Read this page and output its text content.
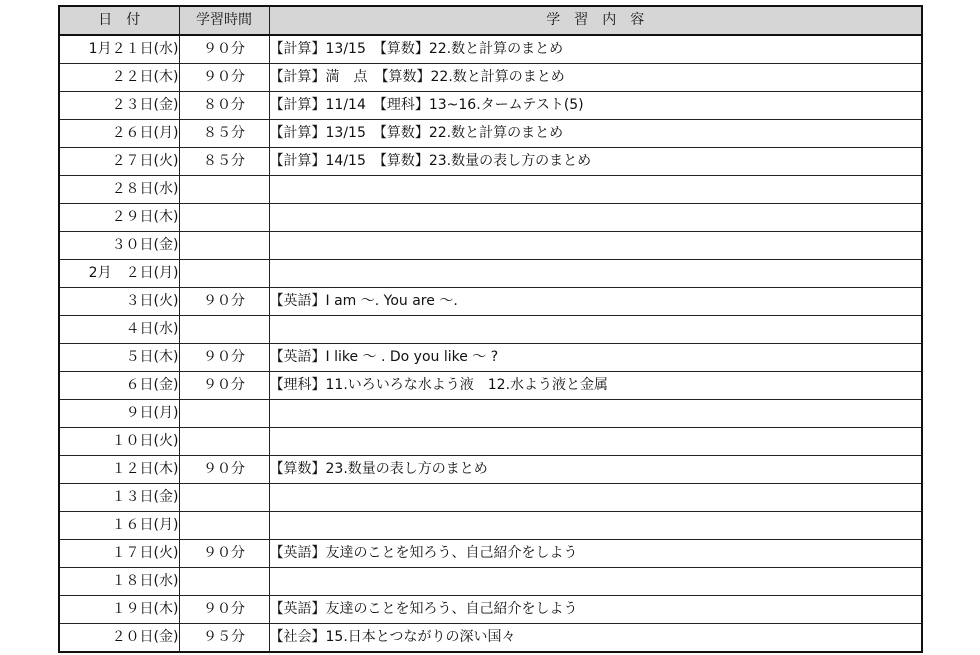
日　付	学習時間	学　習　内　容
1月２１日(水)	９０分	【計算】13/15　【算数】22.数と計算のまとめ
２２日(木)	９０分	【計算】満　点　【算数】22.数と計算のまとめ
２３日(金)	８０分	【計算】11/14　【理科】13~16.タームテスト(5)
２６日(月)	８５分	【計算】13/15　【算数】22.数と計算のまとめ
２７日(火)	８５分	【計算】14/15　【算数】23.数量の表し方のまとめ
２８日(水)		
２９日(木)		
３０日(金)		
2月　２日(月)		
３日(火)	９０分	【英語】I am 〜. You are 〜.
４日(水)		
５日(木)	９０分	【英語】I like 〜 . Do you like 〜 ?
６日(金)	９０分	【理科】11.いろいろな水よう液　12.水よう液と金属
９日(月)		
１０日(火)		
１２日(木)	９０分	【算数】23.数量の表し方のまとめ
１３日(金)		
１６日(月)		
１７日(火)	９０分	【英語】友達のことを知ろう、自己紹介をしよう
１８日(水)		
１９日(木)	９０分	【英語】友達のことを知ろう、自己紹介をしよう
２０日(金)	９５分	【社会】15.日本とつながりの深い国々
